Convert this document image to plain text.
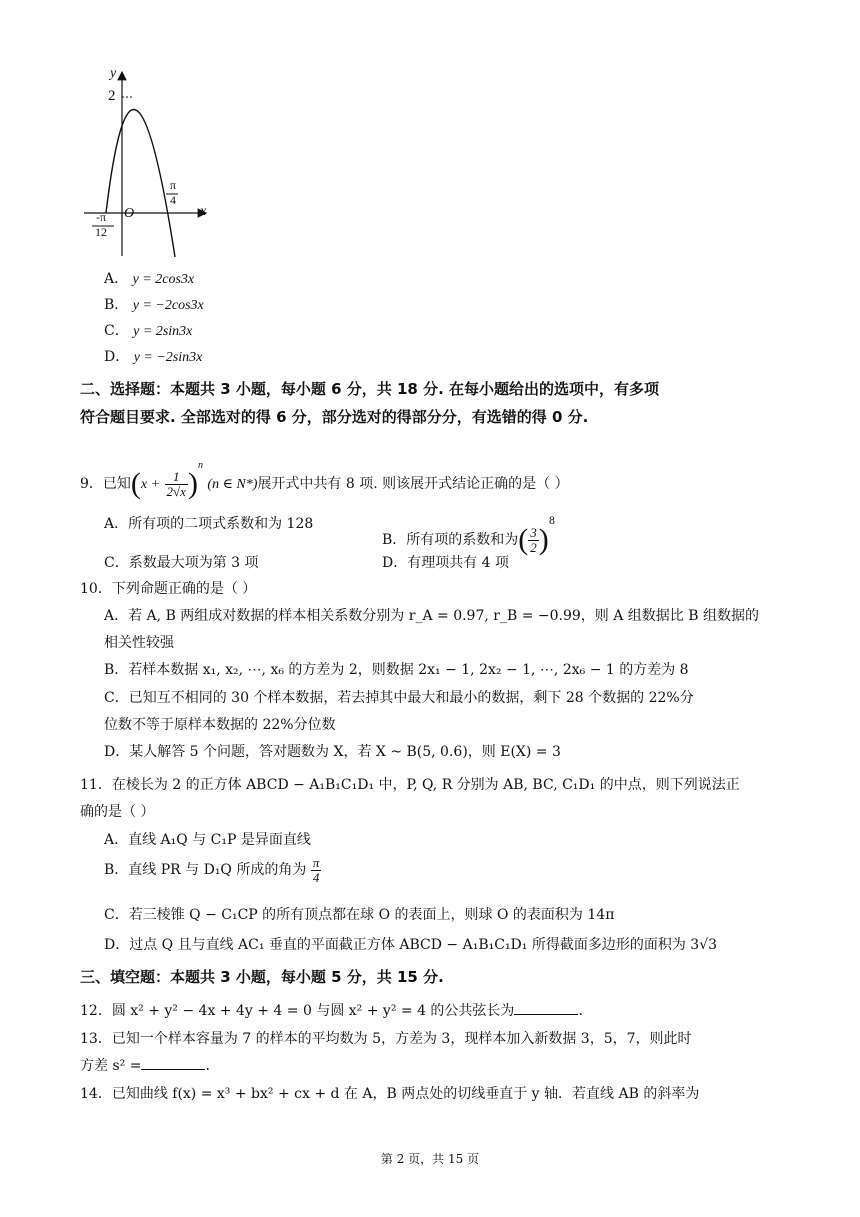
y
x
O
2
π
4
-π
12
A． y = 2cos3x
B． y = −2cos3x
C． y = 2sin3x
D． y = −2sin3x
二、选择题：本题共 3 小题，每小题 6 分，共 18 分. 在每小题给出的选项中，有多项
符合题目要求. 全部选对的得 6 分，部分选对的得部分分，有选错的得 0 分.
9．已知$(x + \frac{1}{2√x} )^n$ (n ∈ N*)展开式中共有 8 项. 则该展开式结论正确的是（ ）
A．所有项的二项式系数和为 128
B．所有项的系数和为( $\frac{3}{2} )^8$
C．系数最大项为第 3 项	D．有理项共有 4 项
10．下列命题正确的是（ ）
A．若 A, B 两组成对数据的样本相关系数分别为 r_A = 0.97, r_B = −0.99，则 A 组数据比 B 组数据的
相关性较强
B．若样本数据 x₁, x₂, ⋯, x₆ 的方差为 2，则数据 2x₁ − 1, 2x₂ − 1, ⋯, 2x₆ − 1 的方差为 8
C．已知互不相同的 30 个样本数据，若去掉其中最大和最小的数据，剩下 28 个数据的 22%分
位数不等于原样本数据的 22%分位数
D．某人解答 5 个问题，答对题数为 X，若 X ~ B(5, 0.6)，则 E(X) = 3
11．在棱长为 2 的正方体 ABCD − A₁B₁C₁D₁ 中，P, Q, R 分别为 AB, BC, C₁D₁ 的中点，则下列说法正
确的是（ ）
A．直线 A₁Q 与 C₁P 是异面直线
B．直线 PR 与 D₁Q 所成的角为 $\frac{\pi}{4}$
C．若三棱锥 Q − C₁CP 的所有顶点都在球 O 的表面上，则球 O 的表面积为 14π
D．过点 Q 且与直线 AC₁ 垂直的平面截正方体 ABCD − A₁B₁C₁D₁ 所得截面多边形的面积为 3√3
三、填空题：本题共 3 小题，每小题 5 分，共 15 分.
12．圆 x² + y² − 4x + 4y + 4 = 0 与圆 x² + y² = 4 的公共弦长为	.
13．已知一个样本容量为 7 的样本的平均数为 5，方差为 3，现样本加入新数据 3，5，7，则此时
方差 s² =	.
14．已知曲线 f(x) = x³ + bx² + cx + d 在 A，B 两点处的切线垂直于 y 轴．若直线 AB 的斜率为
第 2 页，共 15 页
